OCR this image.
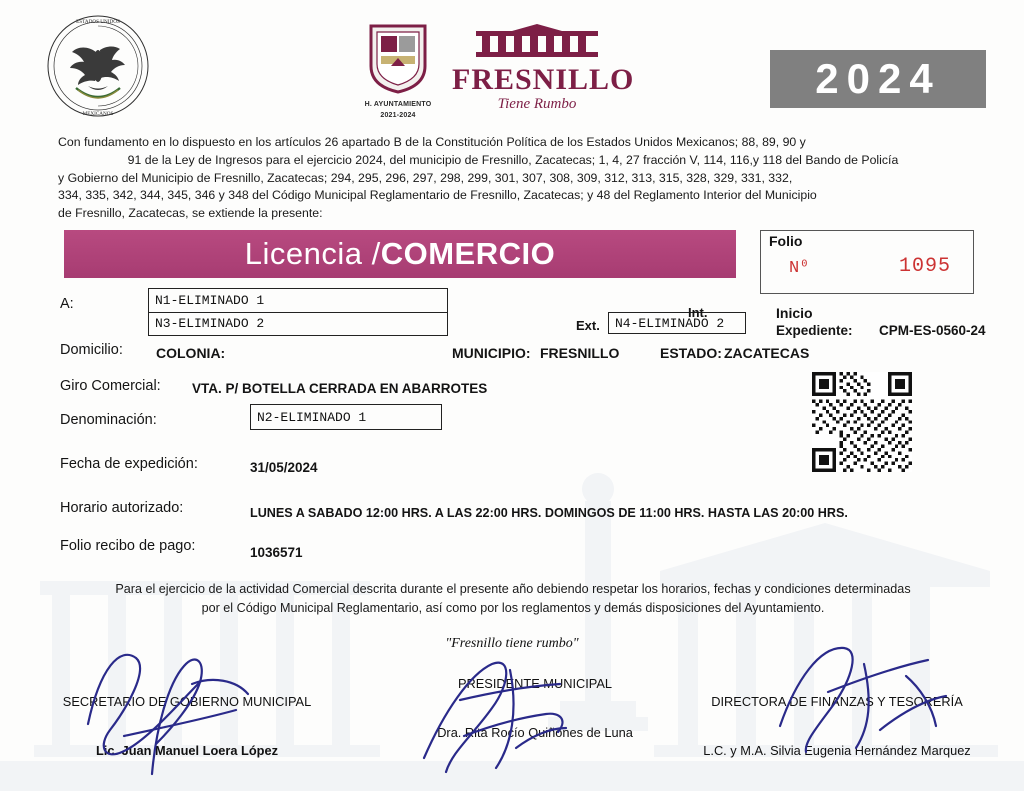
ESTADOS UNIDOS
MEXICANOS
H. AYUNTAMIENTO
2021-2024
FRESNILLO
Tiene Rumbo
2024
Con fundamento en lo dispuesto en los artículos 26 apartado B de la Constitución Política de los Estados Unidos Mexicanos; 88, 89, 90 y
91 de la Ley de Ingresos para el ejercicio 2024, del municipio de Fresnillo, Zacatecas; 1, 4, 27 fracción V, 114, 116,y 118 del Bando de Policía
y Gobierno del Municipio de Fresnillo, Zacatecas; 294, 295, 296, 297, 298, 299, 301, 307, 308, 309, 312, 313, 315, 328, 329, 331, 332,
334, 335, 342, 344, 345, 346 y 348 del Código Municipal Reglamentario de Fresnillo, Zacatecas; y 48 del Reglamento Interior del Municipio
de Fresnillo, Zacatecas, se extiende la presente:
Licencia /COMERCIO	Folio
N⁰	1095
A:	N1-ELIMINADO 1
N3-ELIMINADO 2	Ext.	N4-ELIMINADO 2
Int.	Inicio
Expediente: CPM-ES-0560-24
Domicilio: COLONIA:	MUNICIPIO: FRESNILLO	ESTADO: ZACATECAS
Giro Comercial: VTA. P/ BOTELLA CERRADA EN ABARROTES
Denominación:	N2-ELIMINADO 1
Fecha de expedición:	31/05/2024
Horario autorizado:	LUNES A SABADO 12:00 HRS. A LAS 22:00 HRS. DOMINGOS DE 11:00 HRS. HASTA LAS 20:00 HRS.
Folio recibo de pago:	1036571
Para el ejercicio de la actividad Comercial descrita durante el presente año debiendo respetar los horarios, fechas y condiciones determinadas
por el Código Municipal Reglamentario, así como por los reglamentos y demás disposiciones del Ayuntamiento.
"Fresnillo tiene rumbo"
SECRETARIO DE GOBIERNO MUNICIPAL
Lic. Juan Manuel Loera López
PRESIDENTE MUNICIPAL
Dra. Rita Rocío Quiñones de Luna
DIRECTORA DE FINANZAS Y TESORERÍA
L.C. y M.A. Silvia Eugenia Hernández Marquez
